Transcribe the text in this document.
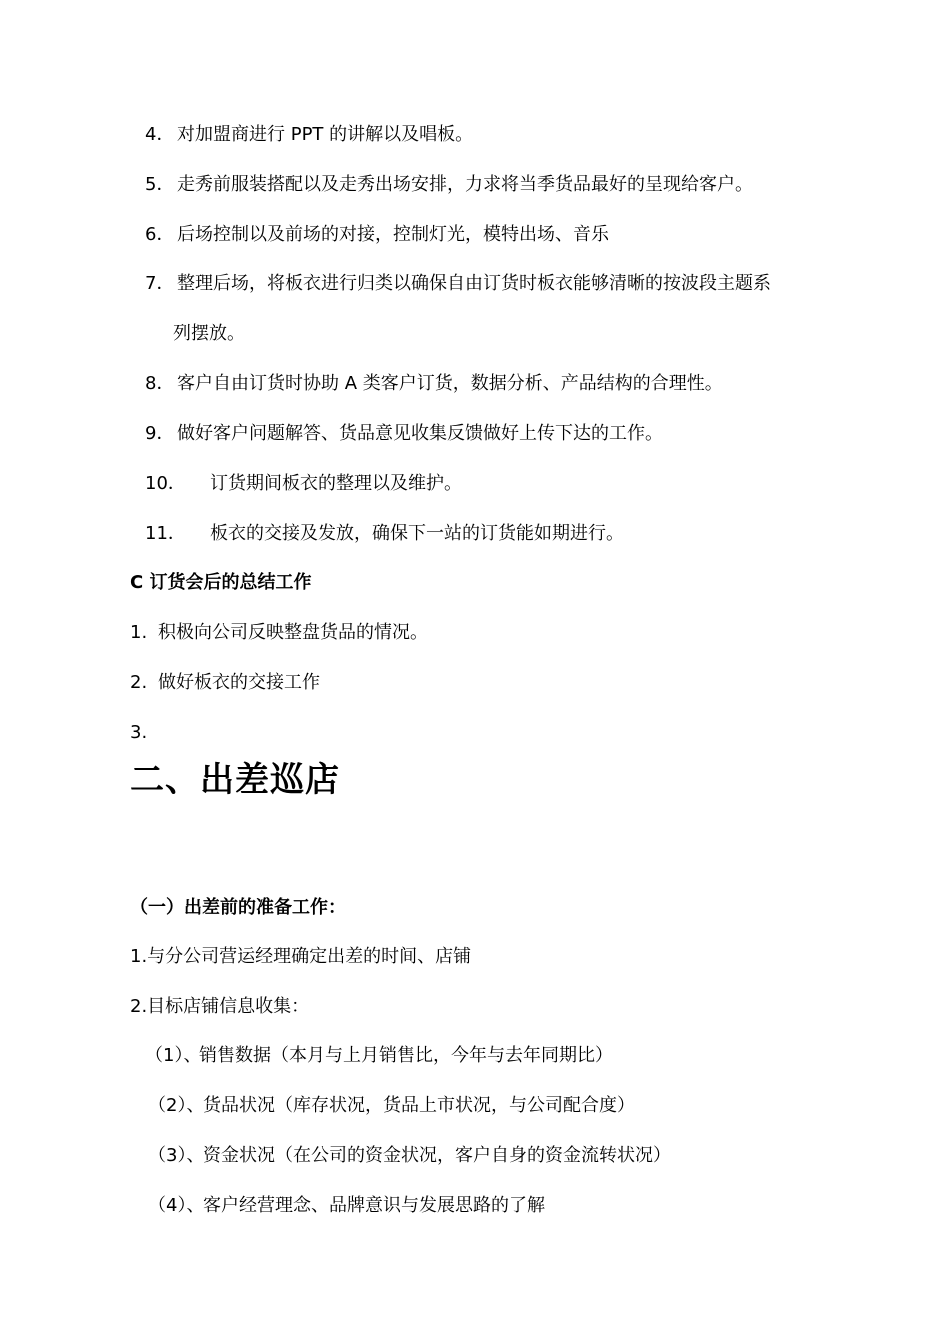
4． 对加盟商进行 PPT 的讲解以及唱板。
5． 走秀前服装搭配以及走秀出场安排，力求将当季货品最好的呈现给客户。
6． 后场控制以及前场的对接，控制灯光，模特出场、音乐
7． 整理后场，将板衣进行归类以确保自由订货时板衣能够清晰的按波段主题系
列摆放。
8． 客户自由订货时协助 A 类客户订货，数据分析、产品结构的合理性。
9． 做好客户问题解答、货品意见收集反馈做好上传下达的工作。
10． 订货期间板衣的整理以及维护。
11． 板衣的交接及发放，确保下一站的订货能如期进行。
C 订货会后的总结工作
1. 积极向公司反映整盘货品的情况。
2. 做好板衣的交接工作
3.
二、出差巡店
（一）出差前的准备工作：
1.与分公司营运经理确定出差的时间、店铺
2.目标店铺信息收集：
（1）、
销售数据（本月与上月销售比，今年与去年同期比）
（2）、
货品状况（库存状况，货品上市状况，与公司配合度）
（3）、
资金状况（在公司的资金状况，客户自身的资金流转状况）
（4）、
客户经营理念、品牌意识与发展思路的了解
